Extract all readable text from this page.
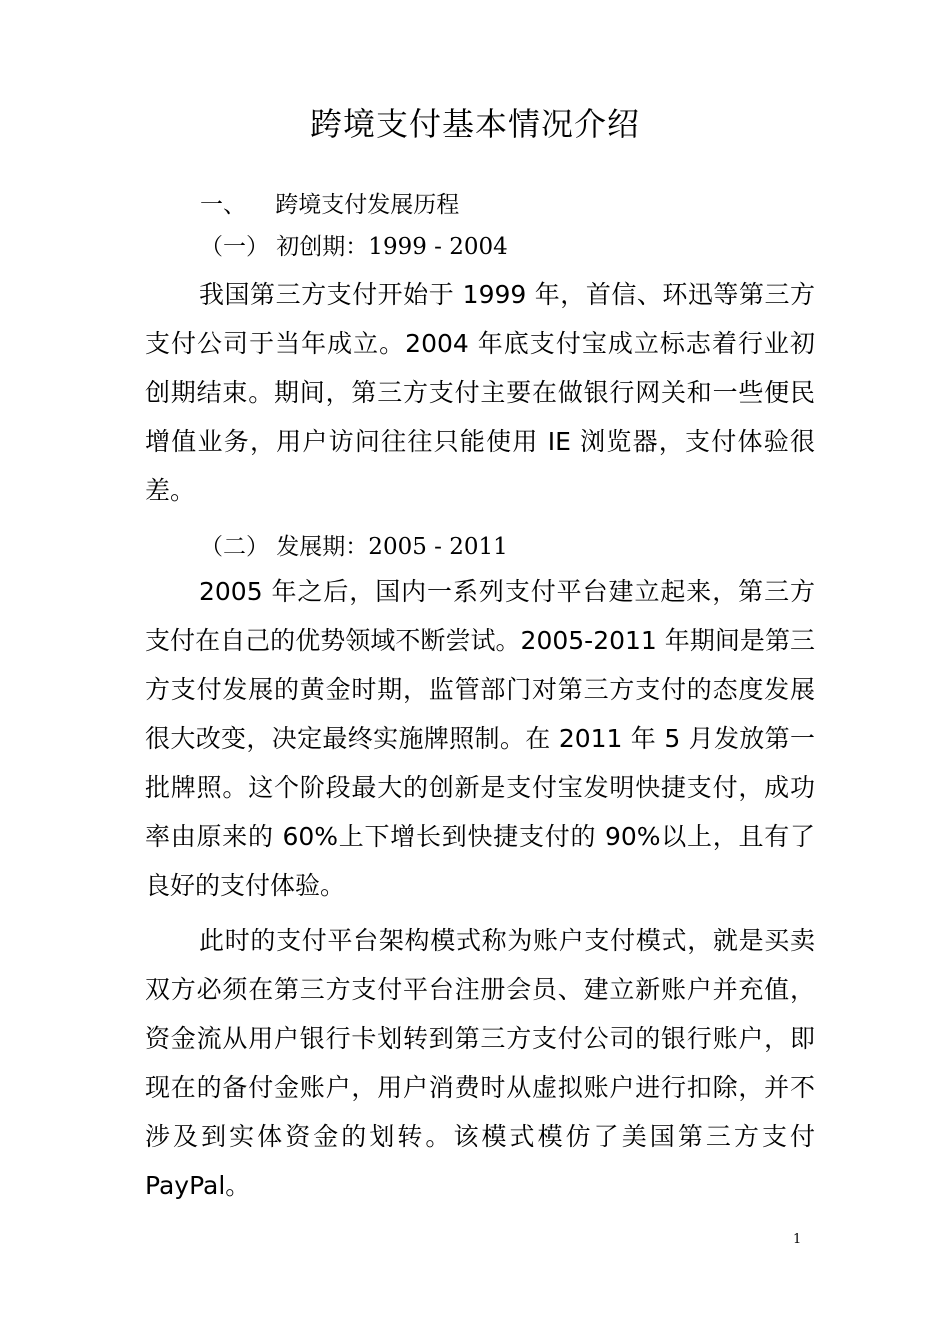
跨境支付基本情况介绍
一、    跨境支付发展历程
（一） 初创期：1999 - 2004

我国第三方支付开始于 1999 年，首信、环迅等第三方支付公司于当年成立。2004 年底支付宝成立标志着行业初创期结束。期间，第三方支付主要在做银行网关和一些便民增值业务，用户访问往往只能使用 IE 浏览器，支付体验很差。

（二） 发展期：2005 - 2011

2005 年之后，国内一系列支付平台建立起来，第三方支付在自己的优势领域不断尝试。2005-2011 年期间是第三方支付发展的黄金时期，监管部门对第三方支付的态度发展很大改变，决定最终实施牌照制。在 2011 年 5 月发放第一批牌照。这个阶段最大的创新是支付宝发明快捷支付，成功率由原来的 60%上下增长到快捷支付的 90%以上，且有了良好的支付体验。

此时的支付平台架构模式称为账户支付模式，就是买卖双方必须在第三方支付平台注册会员、建立新账户并充值，资金流从用户银行卡划转到第三方支付公司的银行账户，即现在的备付金账户，用户消费时从虚拟账户进行扣除，并不涉及到实体资金的划转。该模式模仿了美国第三方支付 PayPal。

1
